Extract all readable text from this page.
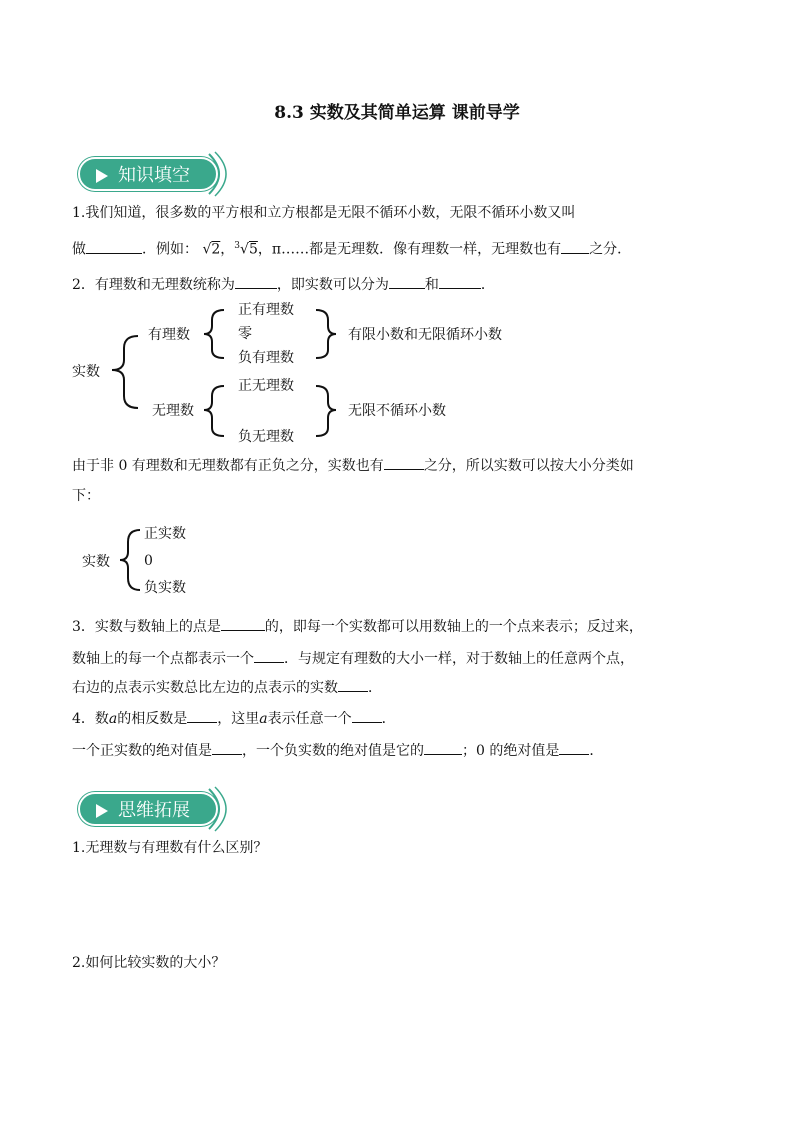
8.3 实数及其简单运算 课前导学
知识填空
1.我们知道，很多数的平方根和立方根都是无限不循环小数，无限不循环小数又叫
做	．例如： √2，$^3$√5，π……都是无理数．像有理数一样，无理数也有 之分．
2．有理数和无理数统称为	，即实数可以分为	和	．
实数
有理数
正有理数
零
负有理数
有限小数和无限循环小数
无理数
正无理数
负无理数
无限不循环小数
由于非 0 有理数和无理数都有正负之分，实数也有	之分，所以实数可以按大小分类如
下：
实数
正实数
0
负实数
3．实数与数轴上的点是	的，即每一个实数都可以用数轴上的一个点来表示；反过来，
数轴上的每一个点都表示一个 ．与规定有理数的大小一样，对于数轴上的任意两个点，
右边的点表示实数总比左边的点表示的实数 ．
4．数a的相反数是 ，这里a表示任意一个 ．
一个正实数的绝对值是 ，一个负实数的绝对值是它的	；0 的绝对值是 ．
思维拓展
1.无理数与有理数有什么区别？
2.如何比较实数的大小？
